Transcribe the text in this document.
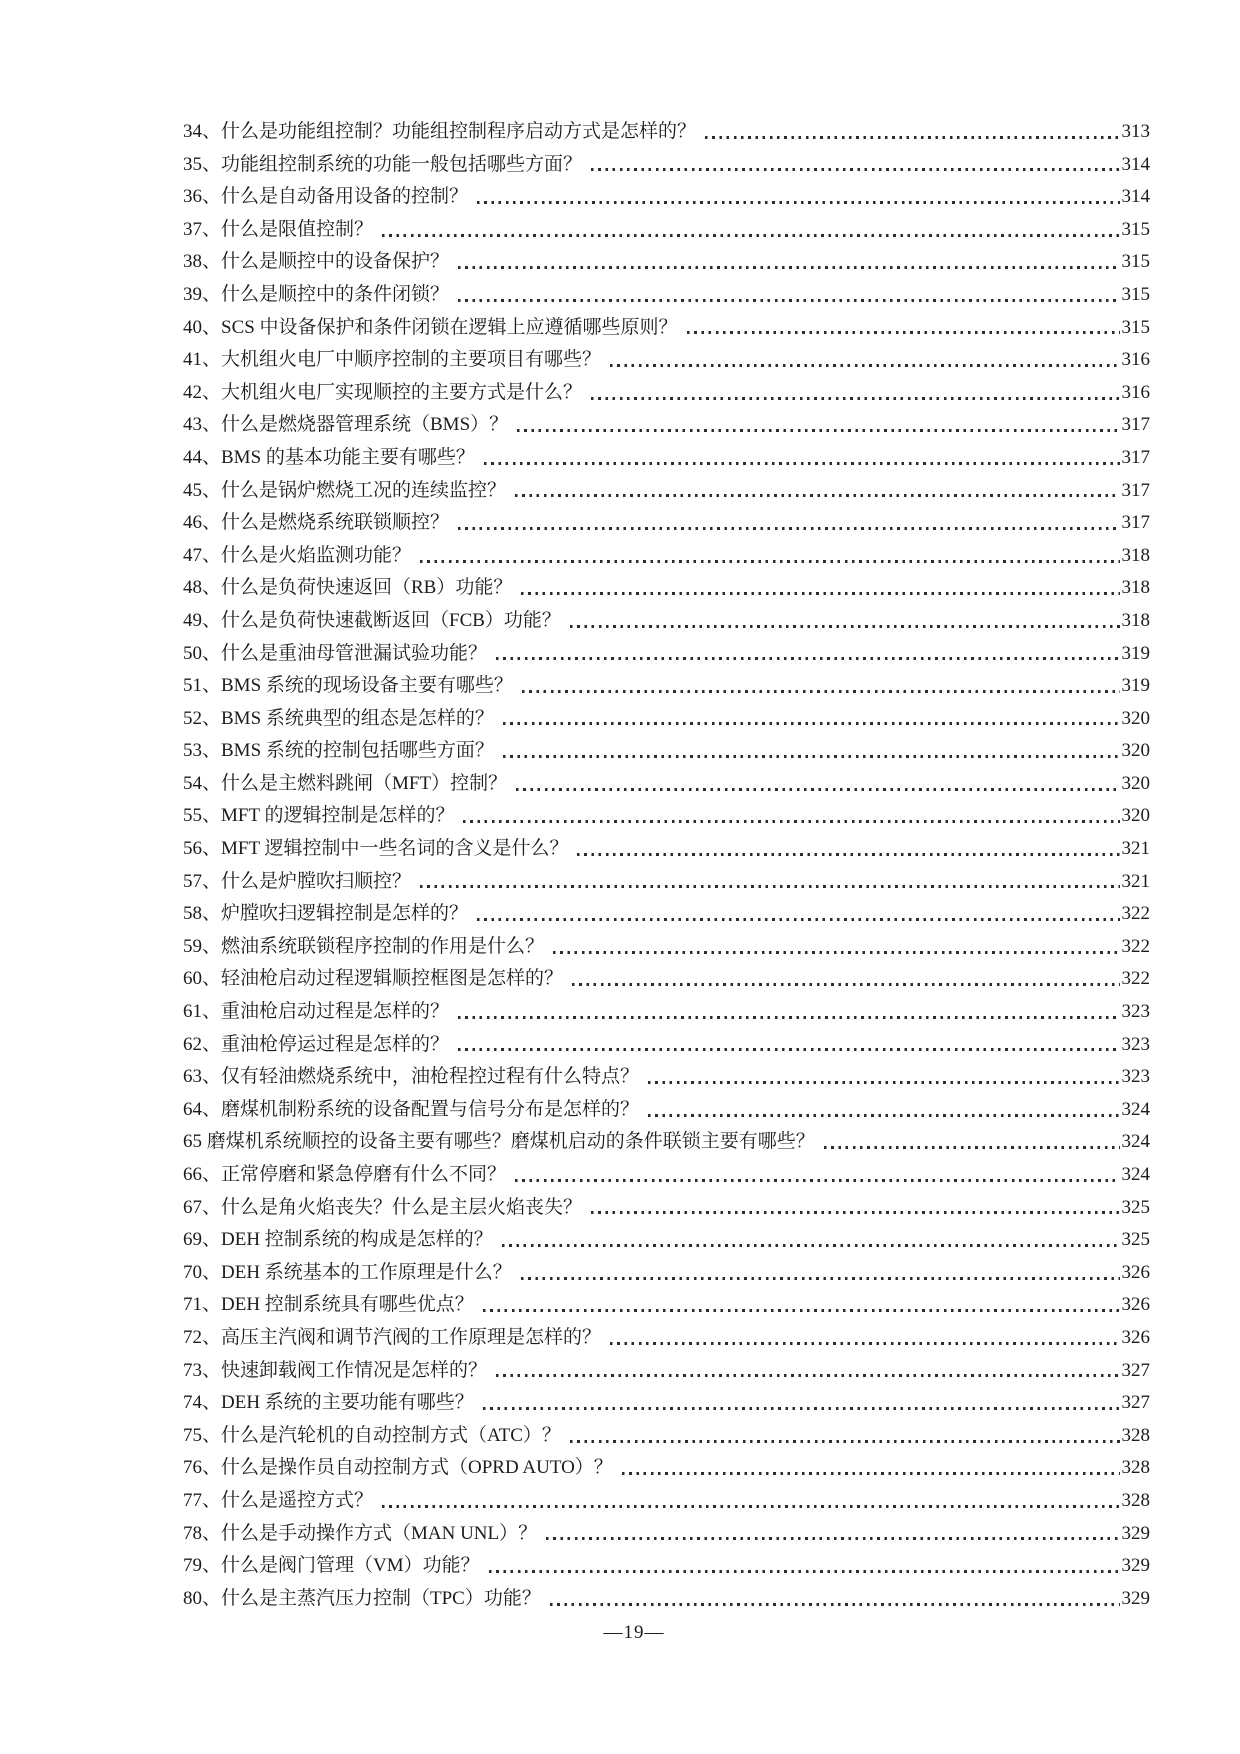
34、什么是功能组控制？功能组控制程序启动方式是怎样的？	313
35、功能组控制系统的功能一般包括哪些方面？	314
36、什么是自动备用设备的控制？	314
37、什么是限值控制？	315
38、什么是顺控中的设备保护？	315
39、什么是顺控中的条件闭锁？	315
40、SCS 中设备保护和条件闭锁在逻辑上应遵循哪些原则？	315
41、大机组火电厂中顺序控制的主要项目有哪些？	316
42、大机组火电厂实现顺控的主要方式是什么？	316
43、什么是燃烧器管理系统（BMS）？	317
44、BMS 的基本功能主要有哪些？	317
45、什么是锅炉燃烧工况的连续监控？	317
46、什么是燃烧系统联锁顺控？	317
47、什么是火焰监测功能？	318
48、什么是负荷快速返回（RB）功能？	318
49、什么是负荷快速截断返回（FCB）功能？	318
50、什么是重油母管泄漏试验功能？	319
51、BMS 系统的现场设备主要有哪些？	319
52、BMS 系统典型的组态是怎样的？	320
53、BMS 系统的控制包括哪些方面？	320
54、什么是主燃料跳闸（MFT）控制？	320
55、MFT 的逻辑控制是怎样的？	320
56、MFT 逻辑控制中一些名词的含义是什么？	321
57、什么是炉膛吹扫顺控？	321
58、炉膛吹扫逻辑控制是怎样的？	322
59、燃油系统联锁程序控制的作用是什么？	322
60、轻油枪启动过程逻辑顺控框图是怎样的？	322
61、重油枪启动过程是怎样的？	323
62、重油枪停运过程是怎样的？	323
63、仅有轻油燃烧系统中，油枪程控过程有什么特点？	323
64、磨煤机制粉系统的设备配置与信号分布是怎样的？	324
65 磨煤机系统顺控的设备主要有哪些？磨煤机启动的条件联锁主要有哪些？	324
66、正常停磨和紧急停磨有什么不同？	324
67、什么是角火焰丧失？什么是主层火焰丧失？	325
69、DEH 控制系统的构成是怎样的？	325
70、DEH 系统基本的工作原理是什么？	326
71、DEH 控制系统具有哪些优点？	326
72、高压主汽阀和调节汽阀的工作原理是怎样的？	326
73、快速卸载阀工作情况是怎样的？	327
74、DEH 系统的主要功能有哪些？	327
75、什么是汽轮机的自动控制方式（ATC）？	328
76、什么是操作员自动控制方式（OPRD AUTO）？	328
77、什么是遥控方式？	328
78、什么是手动操作方式（MAN UNL）？	329
79、什么是阀门管理（VM）功能？	329
80、什么是主蒸汽压力控制（TPC）功能？	329
—19—
